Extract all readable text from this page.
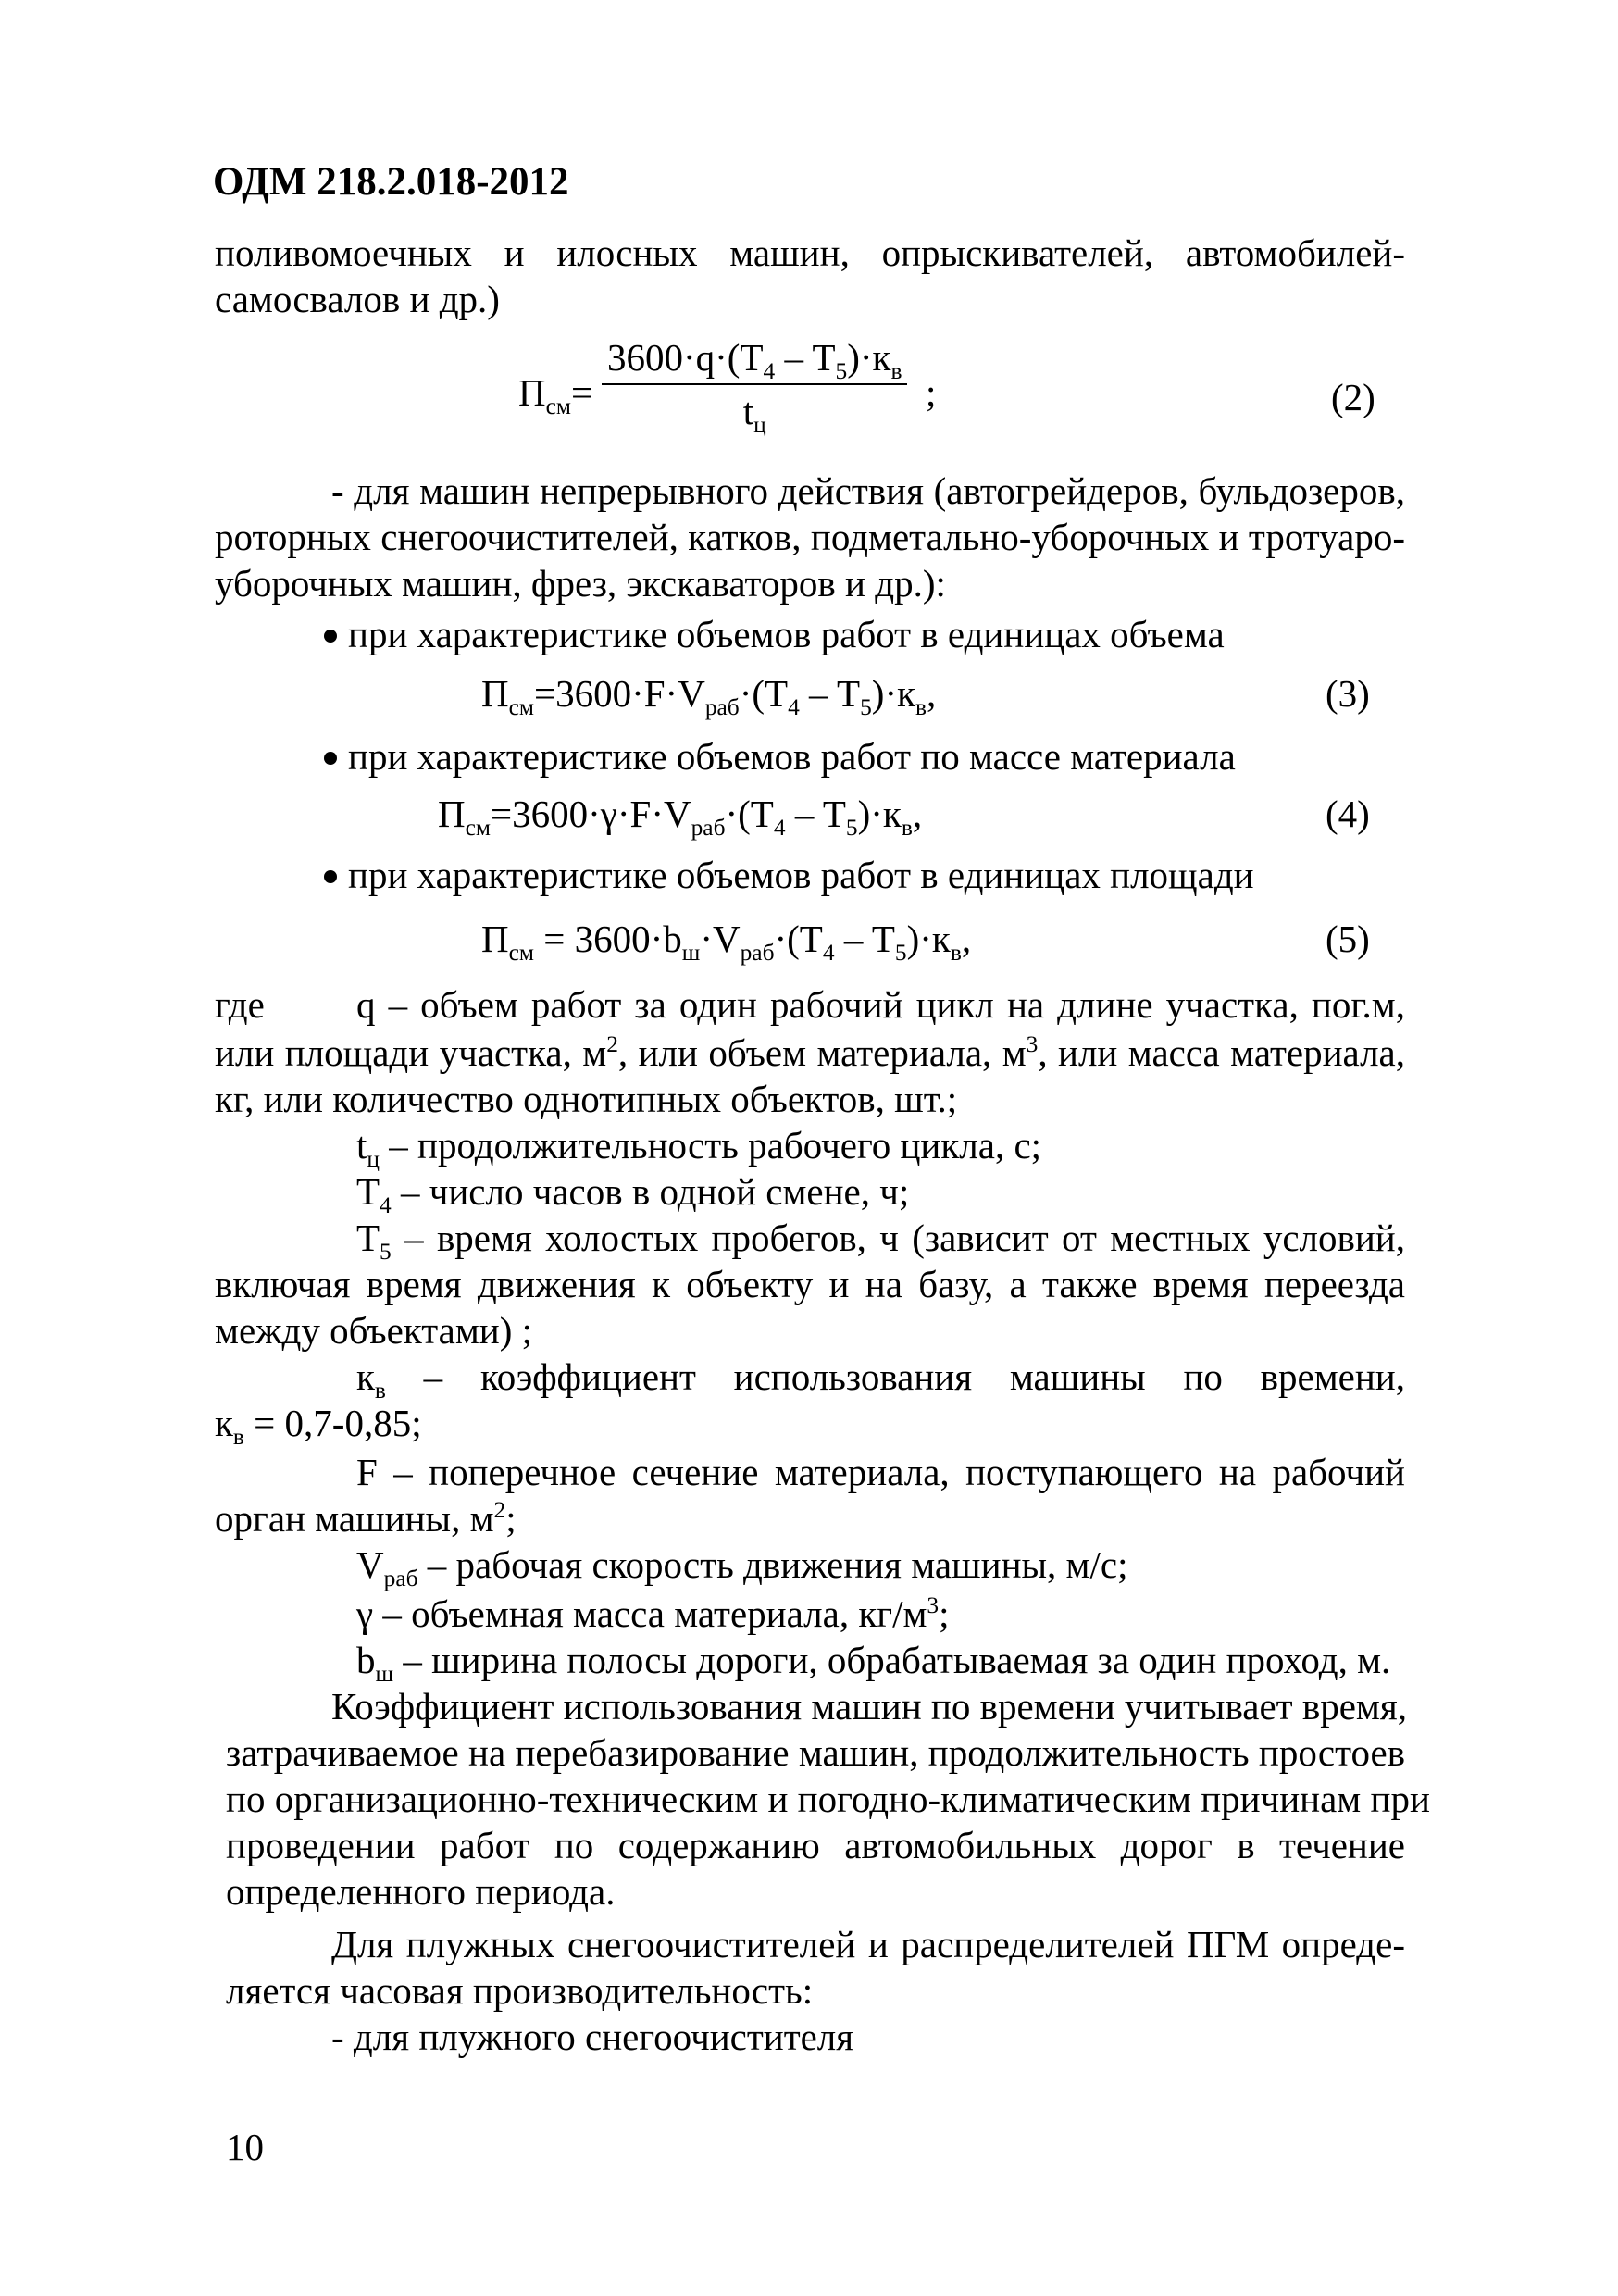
ОДМ 218.2.018-2012
поливомоечных и илосных машин, опрыскивателей, автомобилей-
самосвалов и др.)
$П_{см}=$
$3600\cdot q\cdot(T_4 - T_5)\cdot к_в$
$t_ц$
;	(2)
- для машин непрерывного действия (автогрейдеров, бульдозеров,
роторных снегоочистителей, катков, подметально-уборочных и тротуаро-
уборочных машин, фрез, экскаваторов и др.):
при характеристике объемов работ в единицах объема
$П_{см}=3600\cdot F\cdot V_{раб}\cdot(T_4 - T_5)\cdot к_в$,	(3)
при характеристике объемов работ по массе материала
$П_{см}=3600\cdot\gamma\cdot F\cdot V_{раб}\cdot(T_4 - T_5)\cdot к_в$,	(4)
при характеристике объемов работ в единицах площади
$П_{см} = 3600\cdot b_ш\cdot V_{раб}\cdot(T_4 - T_5)\cdot к_в$,	(5)
где q – объем работ за один рабочий цикл на длине участка, пог.м,
или площади участка, $м^2$, или объем материала, $м^3$, или масса материала,
кг, или количество однотипных объектов, шт.;
$t_ц$ – продолжительность рабочего цикла, с;
$T_4$ – число часов в одной смене, ч;
$T_5$ – время холостых пробегов, ч (зависит от местных условий,
включая время движения к объекту и на базу, а также время переезда
между объектами) ;
$к_в$ – коэффициент использования машины по времени,
$к_в = 0,7-0,85$;
F – поперечное сечение материала, поступающего на рабочий
орган машины, $м^2$;
$V_{раб}$ – рабочая скорость движения машины, м/с;
γ – объемная масса материала, $кг/м^3$;
$b_ш$ – ширина полосы дороги, обрабатываемая за один проход, м.
Коэффициент использования машин по времени учитывает время,
затрачиваемое на перебазирование машин, продолжительность простоев
по организационно-техническим и погодно-климатическим причинам при
проведении работ по содержанию автомобильных дорог в течение
определенного периода.
Для плужных снегоочистителей и распределителей ПГМ опреде-
ляется часовая производительность:
- для плужного снегоочистителя
10
